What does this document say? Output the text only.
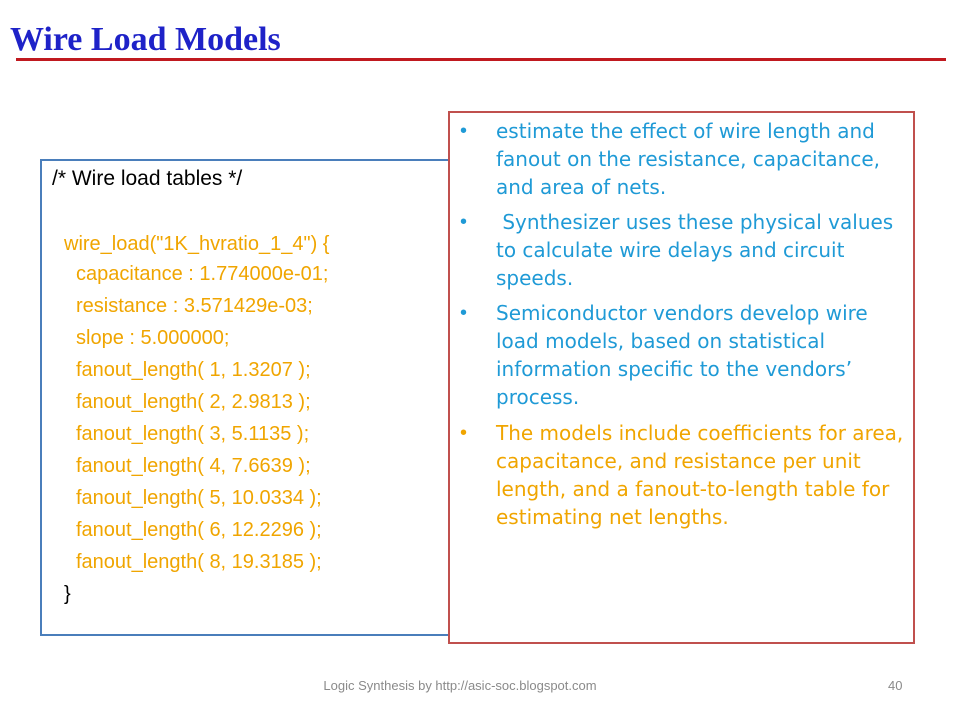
Wire Load Models
/* Wire load tables */
wire_load("1K_hvratio_1_4") {
capacitance : 1.774000e-01;
resistance : 3.571429e-03;
slope : 5.000000;
fanout_length( 1, 1.3207 );
fanout_length( 2, 2.9813 );
fanout_length( 3, 5.1135 );
fanout_length( 4, 7.6639 );
fanout_length( 5, 10.0334 );
fanout_length( 6, 12.2296 );
fanout_length( 8, 19.3185 );
}
• estimate the effect of wire length and fanout on the resistance, capacitance, and area of nets.
• Synthesizer uses these physical values to calculate wire delays and circuit speeds.
• Semiconductor vendors develop wire load models, based on statistical information specific to the vendors’ process.
• The models include coefficients for area, capacitance, and resistance per unit length, and a fanout-to-length table for estimating net lengths.
Logic Synthesis by http://asic-soc.blogspot.com	40
